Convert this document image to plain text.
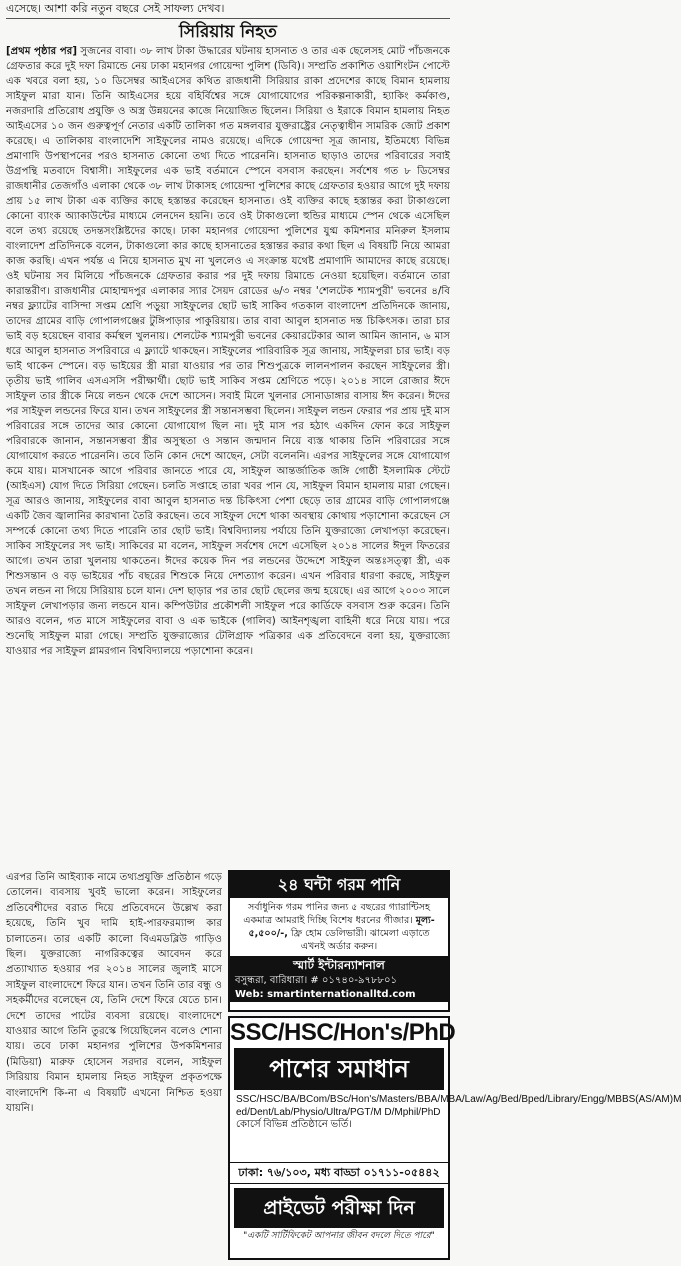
এসেছে। আশা করি নতুন বছরে সেই সাফল্য দেখব।
সিরিয়ায় নিহত

[প্রথম পৃষ্ঠার পর] সুজনের বাবা। ৩৮ লাখ টাকা উদ্ধারের ঘটনায় হাসনাত ও তার এক ছেলেসহ মোট পাঁচজনকে গ্রেফতার করে দুই দফা রিমান্ডে নেয় ঢাকা মহানগর গোয়েন্দা পুলিশ (ডিবি)। সম্প্রতি প্রকাশিত ওয়াশিংটন পোস্টে এক খবরে বলা হয়, ১০ ডিসেম্বর আইএসের কথিত রাজধানী সিরিয়ার রাকা প্রদেশের কাছে বিমান হামলায় সাইফুল মারা যান। তিনি আইএসের হয়ে বহির্বিশ্বের সঙ্গে যোগাযোগের পরিকল্পনাকারী, হ্যাকিং কর্মকাণ্ড, নজরদারি প্রতিরোধ প্রযুক্তি ও অস্ত্র উন্নয়নের কাজে নিয়োজিত ছিলেন। সিরিয়া ও ইরাকে বিমান হামলায় নিহত আইএসের ১০ জন গুরুত্বপূর্ণ নেতার একটি তালিকা গত মঙ্গলবার যুক্তরাষ্ট্রের নেতৃত্বাধীন সামরিক জোট প্রকাশ করেছে। এ তালিকায় বাংলাদেশি সাইফুলের নামও রয়েছে। এদিকে গোয়েন্দা সূত্র জানায়, ইতিমধ্যে বিভিন্ন প্রমাণাদি উপস্থাপনের পরও হাসনাত কোনো তথ্য দিতে পারেননি। হাসনাত ছাড়াও তাদের পরিবারের সবাই উগ্রপন্থি মতবাদে বিশ্বাসী। সাইফুলের এক ভাই বর্তমানে স্পেনে বসবাস করছেন। সর্বশেষ গত ৮ ডিসেম্বর রাজধানীর তেজগাঁও এলাকা থেকে ৩৮ লাখ টাকাসহ গোয়েন্দা পুলিশের কাছে গ্রেফতার হওয়ার আগে দুই দফায় প্রায় ১৫ লাখ টাকা এক ব্যক্তির কাছে হস্তান্তর করেছেন হাসনাত। ওই ব্যক্তির কাছে হস্তান্তর করা টাকাগুলো কোনো ব্যাংক অ্যাকাউন্টের মাধ্যমে লেনদেন হয়নি। তবে ওই টাকাগুলো হুন্ডির মাধ্যমে স্পেন থেকে এসেছিল বলে তথ্য রয়েছে তদন্তসংশ্লিষ্টদের কাছে। ঢাকা মহানগর গোয়েন্দা পুলিশের যুগ্ম কমিশনার মনিরুল ইসলাম বাংলাদেশ প্রতিদিনকে বলেন, টাকাগুলো কার কাছে হাসনাতের হস্তান্তর করার কথা ছিল এ বিষয়টি নিয়ে আমরা কাজ করছি। এখন পর্যন্ত এ নিয়ে হাসনাত মুখ না খুললেও এ সংক্রান্ত যথেষ্ট প্রমাণাদি আমাদের কাছে রয়েছে। ওই ঘটনায় সব মিলিয়ে পাঁচজনকে গ্রেফতার করার পর দুই দফায় রিমান্ডে নেওয়া হয়েছিল। বর্তমানে তারা কারান্তরীণ। রাজধানীর মোহাম্মদপুর এলাকার স্যার সৈয়দ রোডের ৬/৩ নম্বর 'শেলটেক শ্যামপুরী' ভবনের ৪/বি নম্বর ফ্ল্যাটের বাসিন্দা সপ্তম শ্রেণি পড়ুয়া সাইফুলের ছোট ভাই সাকিব গতকাল বাংলাদেশ প্রতিদিনকে জানায়, তাদের গ্রামের বাড়ি গোপালগঞ্জের টুঙ্গিপাড়ার পাকুরিয়ায়। তার বাবা আবুল হাসনাত দন্ত চিকিৎসক। তারা চার ভাই বড় হয়েছেন বাবার কর্মস্থল খুলনায়। শেলটেক শ্যামপুরী ভবনের কেয়ারটেকার আল আমিন জানান, ৬ মাস ধরে আবুল হাসনাত সপরিবারে এ ফ্ল্যাটে থাকছেন। সাইফুলের পারিবারিক সূত্র জানায়, সাইফুলরা চার ভাই। বড় ভাই থাকেন স্পেনে। বড় ভাইয়ের স্ত্রী মারা যাওয়ার পর তার শিশুপুত্রকে লালনপালন করছেন সাইফুলের স্ত্রী। তৃতীয় ভাই গালিব এসএসসি পরীক্ষার্থী। ছোট ভাই সাকিব সপ্তম শ্রেণিতে পড়ে। ২০১৪ সালে রোজার ঈদে সাইফুল তার স্ত্রীকে নিয়ে লন্ডন থেকে দেশে আসেন। সবাই মিলে খুলনার সোনাডাঙ্গার বাসায় ঈদ করেন। ঈদের পর সাইফুল লন্ডনের ফিরে যান। তখন সাইফুলের স্ত্রী সন্তানসম্ভবা ছিলেন। সাইফুল লন্ডন ফেরার পর প্রায় দুই মাস পরিবারের সঙ্গে তাদের আর কোনো যোগাযোগ ছিল না। দুই মাস পর হঠাৎ একদিন ফোন করে সাইফুল পরিবারকে জানান, সন্তানসম্ভবা স্ত্রীর অসুস্থতা ও সন্তান জন্মদান নিয়ে ব্যস্ত থাকায় তিনি পরিবারের সঙ্গে যোগাযোগ করতে পারেননি। তবে তিনি কোন দেশে আছেন, সেটা বলেননি। এরপর সাইফুলের সঙ্গে যোগাযোগ কমে যায়। মাসখানেক আগে পরিবার জানতে পারে যে, সাইফুল আন্তর্জাতিক জঙ্গি গোষ্ঠী ইসলামিক স্টেটে (আইএস) যোগ দিতে সিরিয়া গেছেন। চলতি সপ্তাহে তারা খবর পান যে, সাইফুল বিমান হামলায় মারা গেছেন। সূত্র আরও জানায়, সাইফুলের বাবা আবুল হাসনাত দন্ত চিকিৎসা পেশা ছেড়ে তার গ্রামের বাড়ি গোপালগঞ্জে একটি জৈব জ্বালানির কারখানা তৈরি করছেন। তবে সাইফুল দেশে থাকা অবস্থায় কোথায় পড়াশোনা করেছেন সে সম্পর্কে কোনো তথ্য দিতে পারেনি তার ছোট ভাই। বিশ্ববিদ্যালয় পর্যায়ে তিনি যুক্তরাজ্যে লেখাপড়া করেছেন। সাকিব সাইফুলের সৎ ভাই। সাকিবের মা বলেন, সাইফুল সর্বশেষ দেশে এসেছিল ২০১৪ সালের ঈদুল ফিতরের আগে। তখন তারা খুলনায় থাকতেন। ঈদের কয়েক দিন পর লন্ডনের উদ্দেশে সাইফুল অন্তঃসত্ত্বা স্ত্রী, এক শিশুসন্তান ও বড় ভাইয়ের পাঁচ বছরের শিশুকে নিয়ে দেশত্যাগ করেন। এখন পরিবার ধারণা করছে, সাইফুল তখন লন্ডন না গিয়ে সিরিয়ায় চলে যান। দেশ ছাড়ার পর তার ছোট ছেলের জন্ম হয়েছে। এর আগে ২০০৩ সালে সাইফুল লেখাপড়ার জন্য লন্ডনে যান। কম্পিউটার প্রকৌশলী সাইফুল পরে কার্ডিফে বসবাস শুরু করেন। তিনি আরও বলেন, গত মাসে সাইফুলের বাবা ও এক ভাইকে (গালিব) আইনশৃঙ্খলা বাহিনী ধরে নিয়ে যায়। পরে শুনেছি সাইফুল মারা গেছে। সম্প্রতি যুক্তরাজ্যের টেলিগ্রাফ পত্রিকার এক প্রতিবেদনে বলা হয়, যুক্তরাজ্যে যাওয়ার পর সাইফুল গ্লামরগান বিশ্ববিদ্যালয়ে পড়াশোনা করেন।

এরপর তিনি আইব্যাক নামে তথ্যপ্রযুক্তি প্রতিষ্ঠান গড়ে তোলেন। ব্যবসায় খুবই ভালো করেন। সাইফুলের প্রতিবেশীদের বরাত দিয়ে প্রতিবেদনে উল্লেখ করা হয়েছে, তিনি খুব দামি হাই-পারফরম্যান্স কার চালাতেন। তার একটি কালো বিএমডব্লিউ গাড়িও ছিল। যুক্তরাজ্যে নাগরিকত্বের আবেদন করে প্রত্যাখ্যাত হওয়ার পর ২০১৪ সালের জুলাই মাসে সাইফুল বাংলাদেশে ফিরে যান। তখন তিনি তার বন্ধু ও সহকর্মীদের বলেছেন যে, তিনি দেশে ফিরে যেতে চান। দেশে তাদের পাটের ব্যবসা রয়েছে। বাংলাদেশে যাওয়ার আগে তিনি তুরস্কে গিয়েছিলেন বলেও শোনা যায়। তবে ঢাকা মহানগর পুলিশের উপকমিশনার (মিডিয়া) মারুফ হোসেন সরদার বলেন, সাইফুল সিরিয়ায় বিমান হামলায় নিহত সাইফুল প্রকৃতপক্ষে বাংলাদেশি কি-না এ বিষয়টি এখনো নিশ্চিত হওয়া যায়নি।

২৪ ঘন্টা গরম পানি
সর্বাধুনিক গরম পানির জন্য ৫ বছরের গ্যারান্টিসহ একমাত্র আমরাই দিচ্ছি বিশেষ ধরনের গীজার। মূল্য- ৫,৫০০/-, ফ্রি হোম ডেলিভারী। ঝামেলা এড়াতে এখনই অর্ডার করুন।
স্মার্ট ইন্টারন্যাশনাল
বসুন্ধরা, বারিধারা। # ০১৭৪০-৯৭৮৮০১
Web: smartinternationalltd.com
SSC/HSC/Hon's/PhD
পাশের সমাধান
SSC/HSC/BA/BCom/BSc/Hon's/Masters/BBA/MBA/Law/Ag/Bed/Bped/Library/Engg/MBBS(AS/AM)M ed/Dent/Lab/Physio/Ultra/PGT/M D/Mphil/PhD কোর্সে বিভিন্ন প্রতিষ্ঠানে ভর্তি।
ঢাকা: ৭৬/১০৩, মধ্য বাড্ডা ০১৭১১-০৫৪৪২
প্রাইভেট পরীক্ষা দিন
"একটি সার্টিফিকেট আপনার জীবন বদলে দিতে পারে"
